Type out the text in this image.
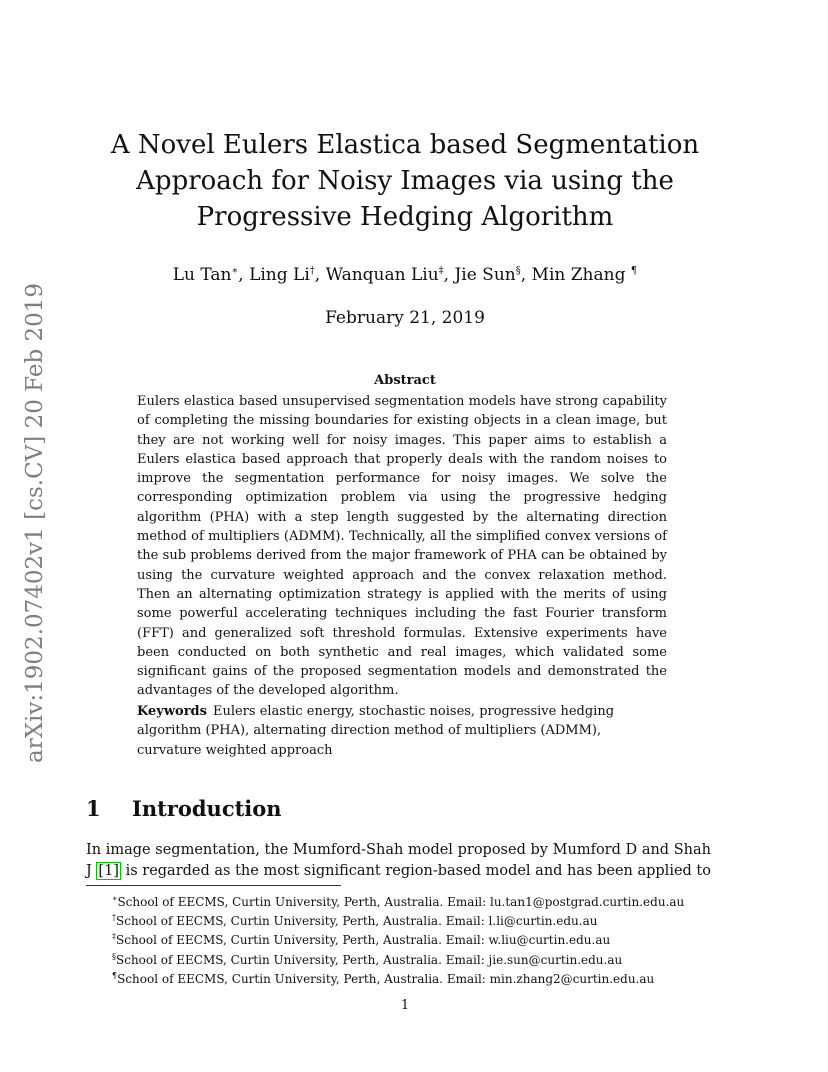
arXiv:1902.07402v1 [cs.CV] 20 Feb 2019
A Novel Eulers Elastica based Segmentation
Approach for Noisy Images via using the
Progressive Hedging Algorithm
Lu Tan∗, Ling Li†, Wanquan Liu‡, Jie Sun§, Min Zhang ¶
February 21, 2019
Abstract

Eulers elastica based unsupervised segmentation models have strong capability of completing the missing boundaries for existing objects in a clean image, but they are not working well for noisy images. This paper aims to establish a Eulers elastica based approach that properly deals with the random noises to improve the segmentation performance for noisy images. We solve the corresponding optimization problem via using the progressive hedging algorithm (PHA) with a step length suggested by the alternating direction method of multipliers (ADMM). Technically, all the simplified convex versions of the sub problems derived from the major framework of PHA can be obtained by using the curvature weighted approach and the convex relaxation method. Then an alternating optimization strategy is applied with the merits of using some powerful accelerating techniques including the fast Fourier transform (FFT) and generalized soft threshold formulas. Extensive experiments have been conducted on both synthetic and real images, which validated some significant gains of the proposed segmentation models and demonstrated the advantages of the developed algorithm.

Keywords Eulers elastic energy, stochastic noises, progressive hedging algorithm (PHA), alternating direction method of multipliers (ADMM), curvature weighted approach

1 Introduction

In image segmentation, the Mumford-Shah model proposed by Mumford D and Shah J [1] is regarded as the most significant region-based model and has been applied to

∗School of EECMS, Curtin University, Perth, Australia. Email: lu.tan1@postgrad.curtin.edu.au
†School of EECMS, Curtin University, Perth, Australia. Email: l.li@curtin.edu.au
‡School of EECMS, Curtin University, Perth, Australia. Email: w.liu@curtin.edu.au
§School of EECMS, Curtin University, Perth, Australia. Email: jie.sun@curtin.edu.au
¶School of EECMS, Curtin University, Perth, Australia. Email: min.zhang2@curtin.edu.au
1
